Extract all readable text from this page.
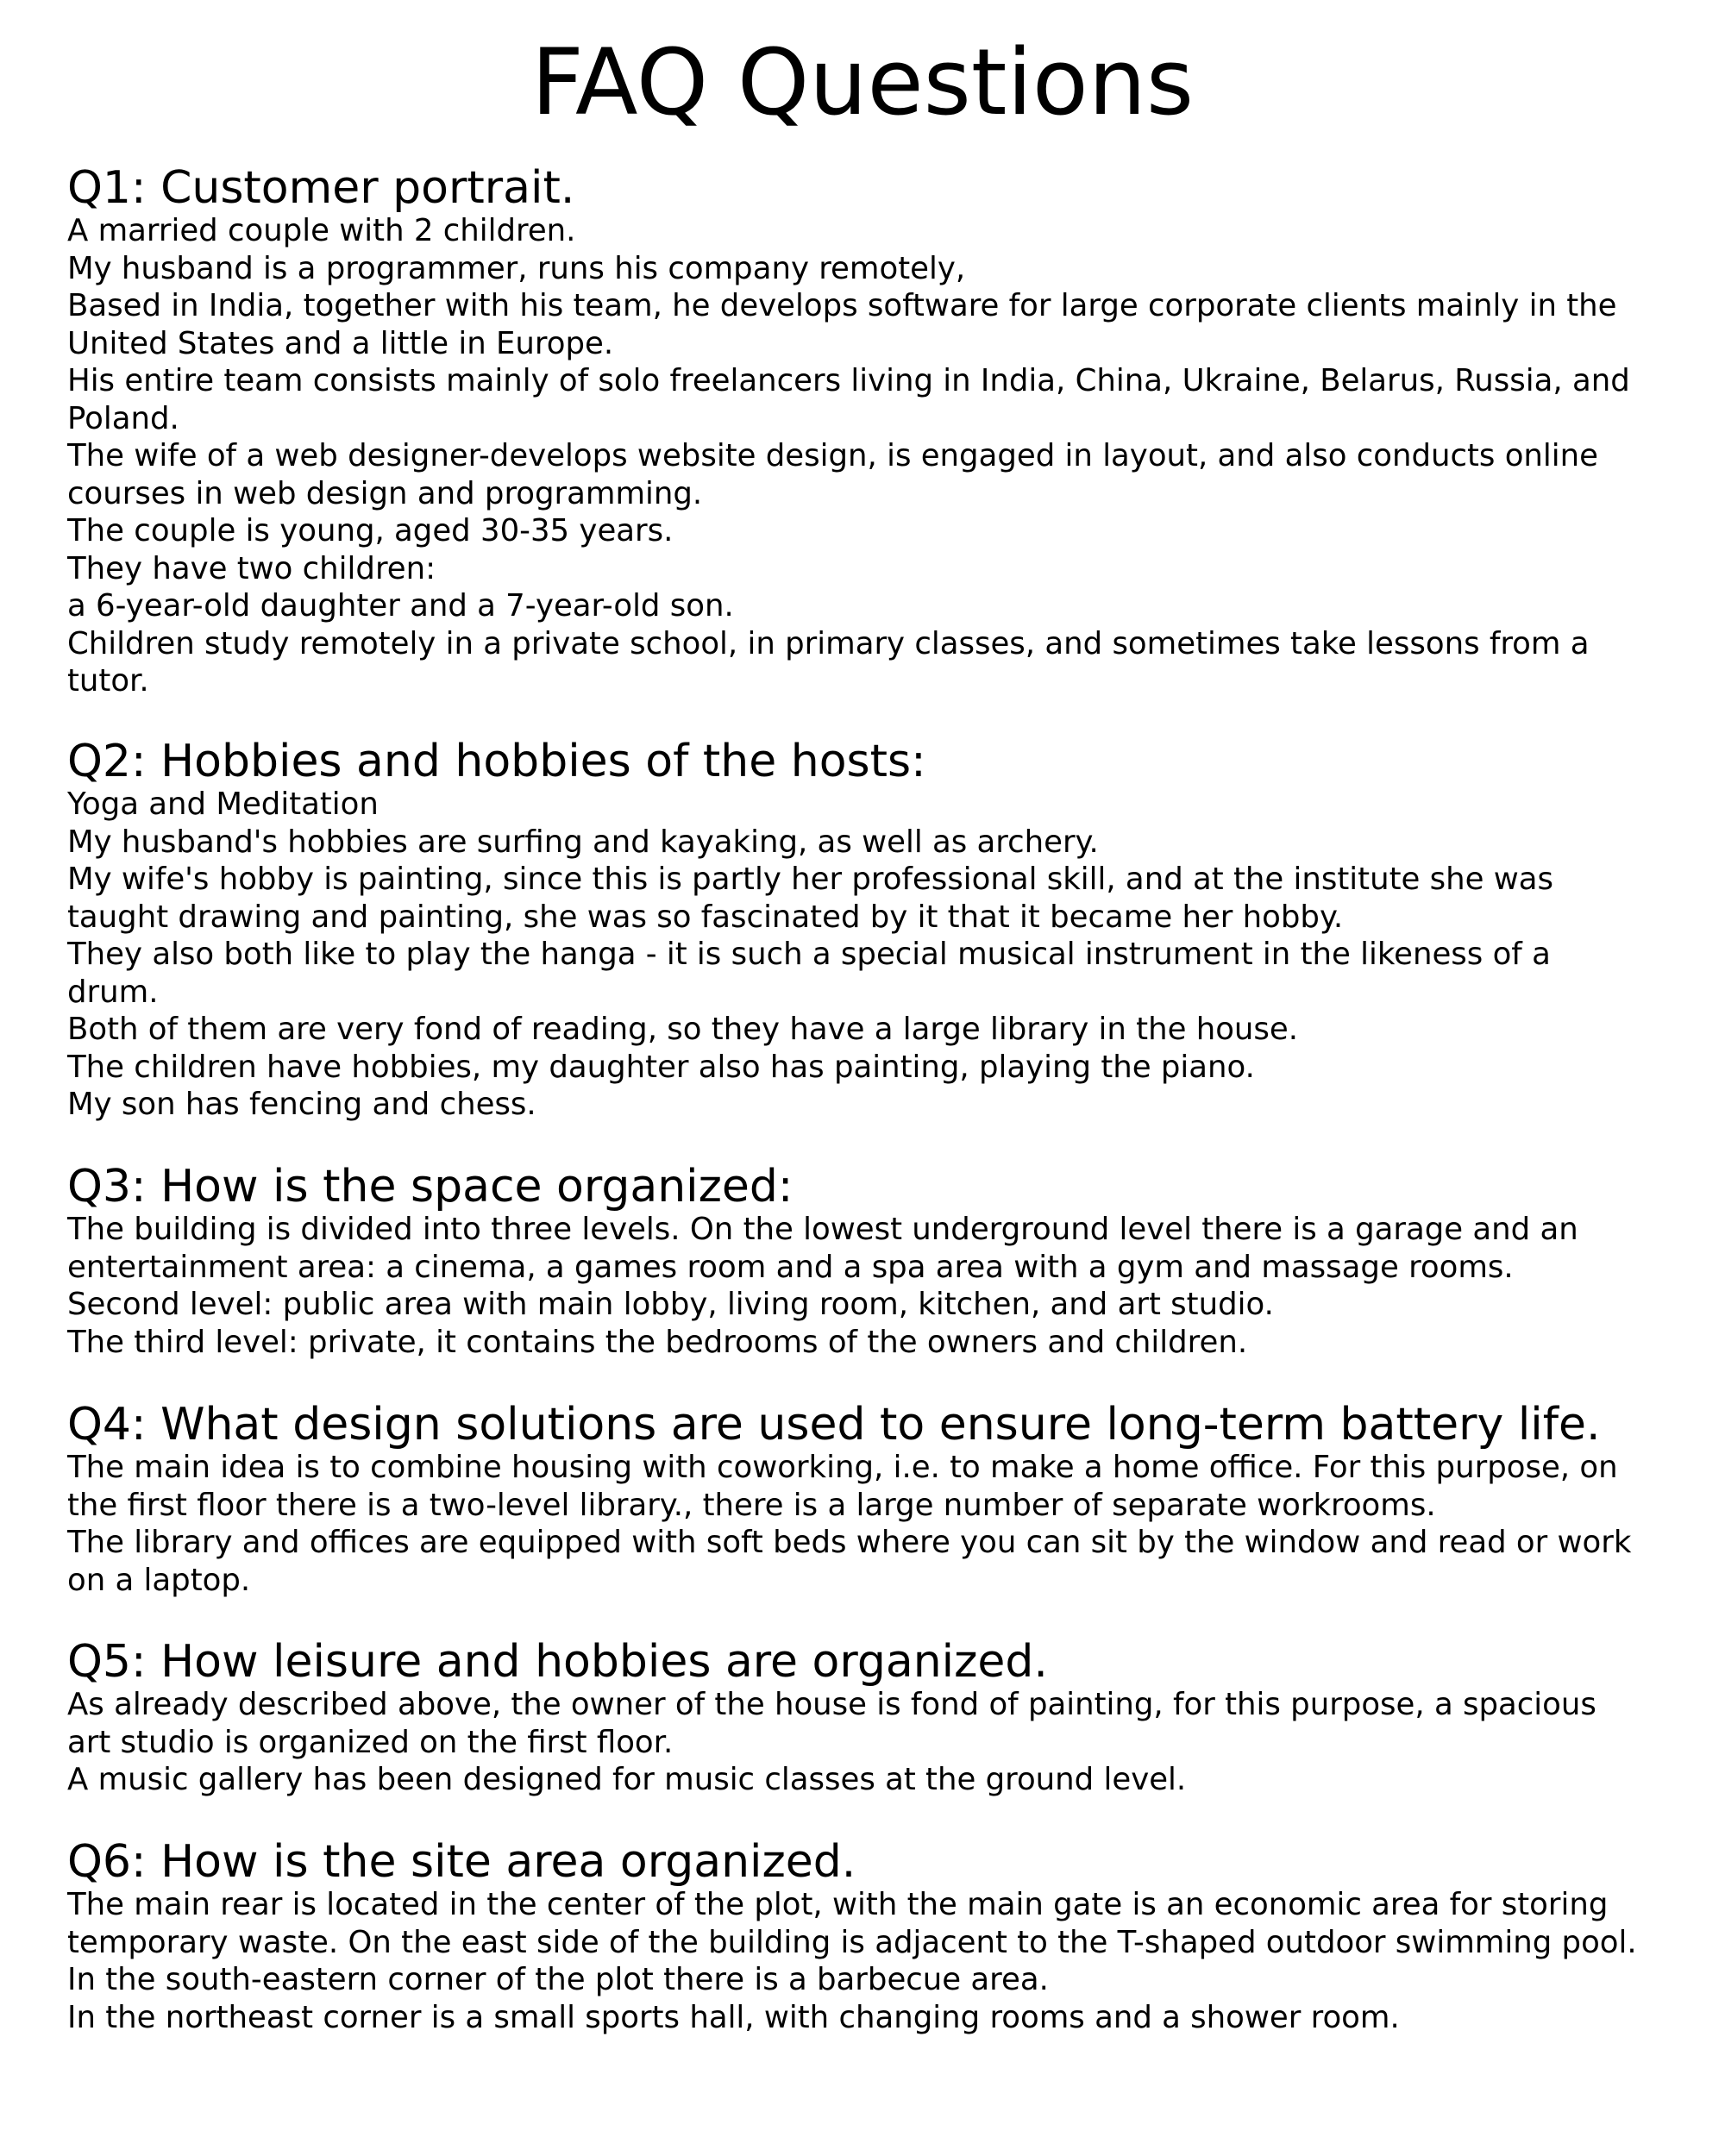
FAQ Questions
Q1: Customer portrait.

A married couple with 2 children.
My husband is a programmer, runs his company remotely,
Based in India, together with his team, he develops software for large corporate clients mainly in the
United States and a little in Europe.
His entire team consists mainly of solo freelancers living in India, China, Ukraine, Belarus, Russia, and
Poland.
The wife of a web designer-develops website design, is engaged in layout, and also conducts online
courses in web design and programming.
The couple is young, aged 30-35 years.
They have two children:
a 6-year-old daughter and a 7-year-old son.
Children study remotely in a private school, in primary classes, and sometimes take lessons from a
tutor.

Q2: Hobbies and hobbies of the hosts:

Yoga and Meditation
My husband's hobbies are surfing and kayaking, as well as archery.
My wife's hobby is painting, since this is partly her professional skill, and at the institute she was
taught drawing and painting, she was so fascinated by it that it became her hobby.
They also both like to play the hanga - it is such a special musical instrument in the likeness of a
drum.
Both of them are very fond of reading, so they have a large library in the house.
The children have hobbies, my daughter also has painting, playing the piano.
My son has fencing and chess.

Q3: How is the space organized:

The building is divided into three levels. On the lowest underground level there is a garage and an
entertainment area: a cinema, a games room and a spa area with a gym and massage rooms.
Second level: public area with main lobby, living room, kitchen, and art studio.
The third level: private, it contains the bedrooms of the owners and children.

Q4: What design solutions are used to ensure long-term battery life.

The main idea is to combine housing with coworking, i.e. to make a home office. For this purpose, on
the first floor there is a two-level library., there is a large number of separate workrooms.
The library and offices are equipped with soft beds where you can sit by the window and read or work
on a laptop.

Q5: How leisure and hobbies are organized.

As already described above, the owner of the house is fond of painting, for this purpose, a spacious
art studio is organized on the first floor.
A music gallery has been designed for music classes at the ground level.

Q6: How is the site area organized.

The main rear is located in the center of the plot, with the main gate is an economic area for storing
temporary waste. On the east side of the building is adjacent to the T-shaped outdoor swimming pool.
In the south-eastern corner of the plot there is a barbecue area.
In the northeast corner is a small sports hall, with changing rooms and a shower room.
